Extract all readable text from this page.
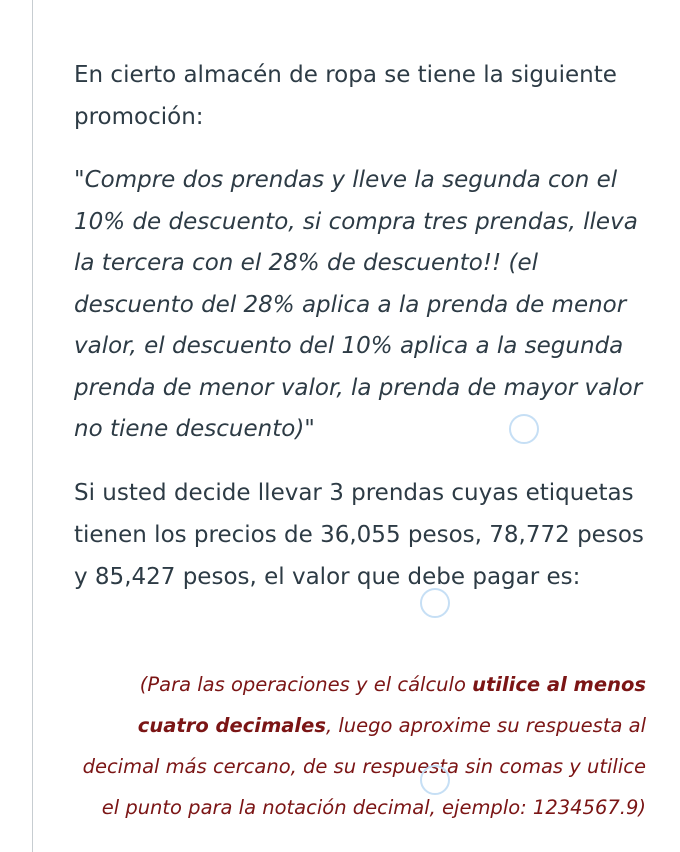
En cierto almacén de ropa se tiene la siguiente promoción:

"Compre dos prendas y lleve la segunda con el 10% de descuento, si compra tres prendas, lleva la tercera con el 28% de descuento!! (el descuento del 28% aplica a la prenda de menor valor, el descuento del 10% aplica a la segunda prenda de menor valor, la prenda de mayor valor no tiene descuento)"

Si usted decide llevar 3 prendas cuyas etiquetas tienen los precios de 36,055 pesos, 78,772 pesos y 85,427 pesos, el valor que debe pagar es:

(Para las operaciones y el cálculo utilice al menos cuatro decimales, luego aproxime su respuesta al decimal más cercano, de su respuesta sin comas y utilice el punto para la notación decimal, ejemplo: 1234567.9)
